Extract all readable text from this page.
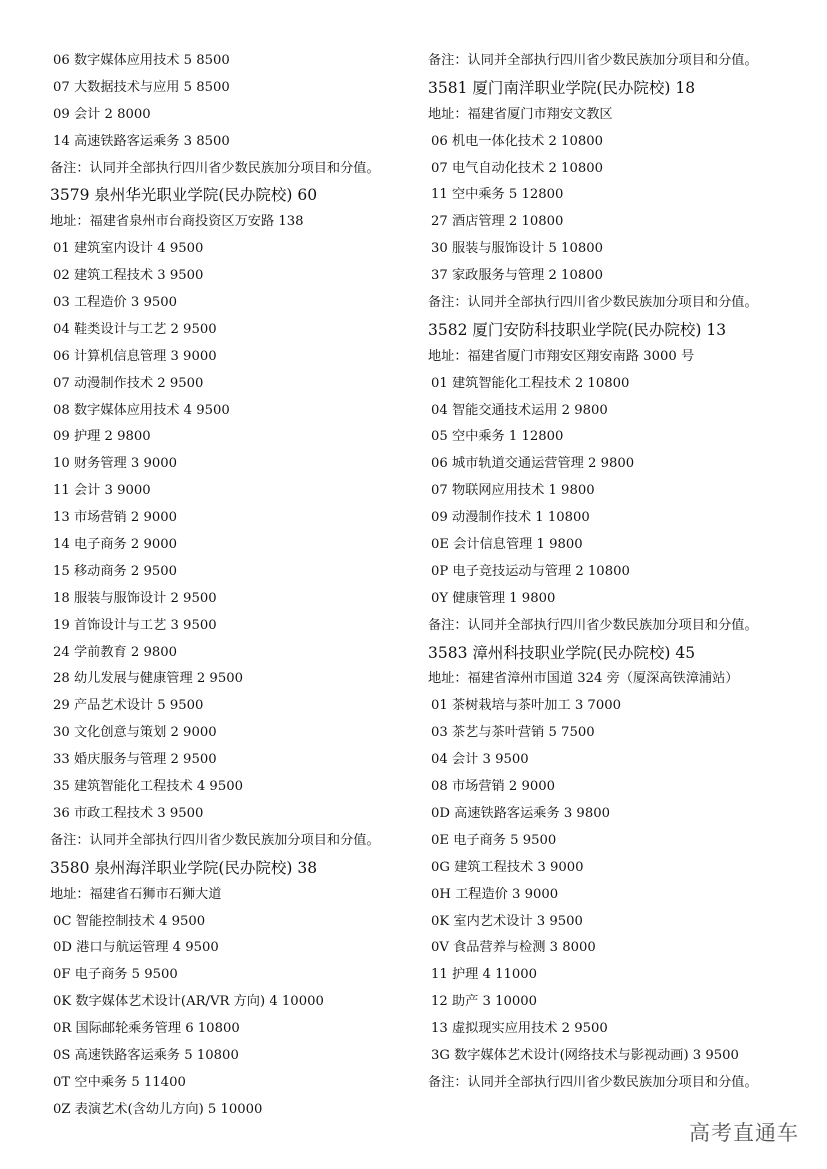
06 数字媒体应用技术 5 8500
07 大数据技术与应用 5 8500
09 会计 2 8000
14 高速铁路客运乘务 3 8500
备注：认同并全部执行四川省少数民族加分项目和分值。
3579 泉州华光职业学院(民办院校) 60
地址：福建省泉州市台商投资区万安路 138
01 建筑室内设计 4 9500
02 建筑工程技术 3 9500
03 工程造价 3 9500
04 鞋类设计与工艺 2 9500
06 计算机信息管理 3 9000
07 动漫制作技术 2 9500
08 数字媒体应用技术 4 9500
09 护理 2 9800
10 财务管理 3 9000
11 会计 3 9000
13 市场营销 2 9000
14 电子商务 2 9000
15 移动商务 2 9500
18 服装与服饰设计 2 9500
19 首饰设计与工艺 3 9500
24 学前教育 2 9800
28 幼儿发展与健康管理 2 9500
29 产品艺术设计 5 9500
30 文化创意与策划 2 9000
33 婚庆服务与管理 2 9500
35 建筑智能化工程技术 4 9500
36 市政工程技术 3 9500
备注：认同并全部执行四川省少数民族加分项目和分值。
3580 泉州海洋职业学院(民办院校) 38
地址：福建省石狮市石狮大道
0C 智能控制技术 4 9500
0D 港口与航运管理 4 9500
0F 电子商务 5 9500
0K 数字媒体艺术设计(AR/VR 方向) 4 10000
0R 国际邮轮乘务管理 6 10800
0S 高速铁路客运乘务 5 10800
0T 空中乘务 5 11400
0Z 表演艺术(含幼儿方向) 5 10000
备注：认同并全部执行四川省少数民族加分项目和分值。
3581 厦门南洋职业学院(民办院校) 18
地址：福建省厦门市翔安文教区
06 机电一体化技术 2 10800
07 电气自动化技术 2 10800
11 空中乘务 5 12800
27 酒店管理 2 10800
30 服装与服饰设计 5 10800
37 家政服务与管理 2 10800
备注：认同并全部执行四川省少数民族加分项目和分值。
3582 厦门安防科技职业学院(民办院校) 13
地址：福建省厦门市翔安区翔安南路 3000 号
01 建筑智能化工程技术 2 10800
04 智能交通技术运用 2 9800
05 空中乘务 1 12800
06 城市轨道交通运营管理 2 9800
07 物联网应用技术 1 9800
09 动漫制作技术 1 10800
0E 会计信息管理 1 9800
0P 电子竞技运动与管理 2 10800
0Y 健康管理 1 9800
备注：认同并全部执行四川省少数民族加分项目和分值。
3583 漳州科技职业学院(民办院校) 45
地址：福建省漳州市国道 324 旁（厦深高铁漳浦站）
01 茶树栽培与茶叶加工 3 7000
03 茶艺与茶叶营销 5 7500
04 会计 3 9500
08 市场营销 2 9000
0D 高速铁路客运乘务 3 9800
0E 电子商务 5 9500
0G 建筑工程技术 3 9000
0H 工程造价 3 9000
0K 室内艺术设计 3 9500
0V 食品营养与检测 3 8000
11 护理 4 11000
12 助产 3 10000
13 虚拟现实应用技术 2 9500
3G 数字媒体艺术设计(网络技术与影视动画) 3 9500
备注：认同并全部执行四川省少数民族加分项目和分值。
高考直通车
